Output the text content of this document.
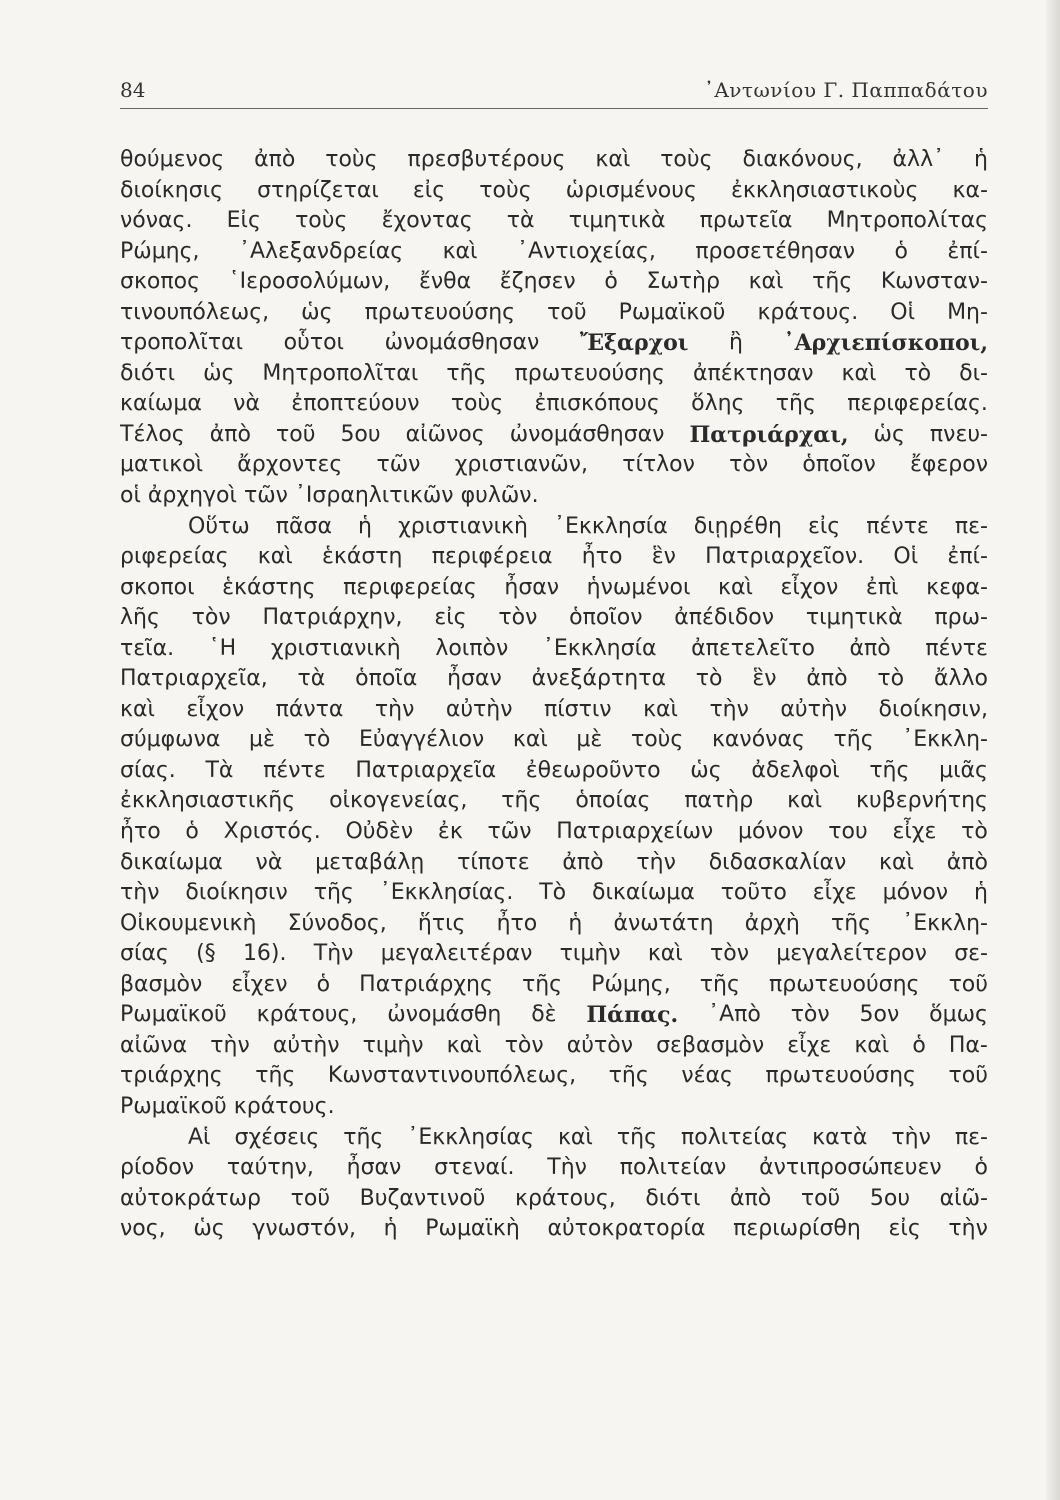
84	᾿Αντωνίου Γ. Παππαδάτου
θούμενος ἀπὸ τοὺς πρεσβυτέρους καὶ τοὺς διακόνους, ἀλλ᾿ ἡ
διοίκησις στηρίζεται εἰς τοὺς ὡρισμένους ἐκκλησιαστικοὺς κα-
νόνας. Εἰς τοὺς ἔχοντας τὰ τιμητικὰ πρωτεῖα Μητροπολίτας
Ρώμης, ᾿Αλεξανδρείας καὶ ᾿Αντιοχείας, προσετέθησαν ὁ ἐπί-
σκοπος ῾Ιεροσολύμων, ἔνθα ἔζησεν ὁ Σωτὴρ καὶ τῆς Κωνσταν-
τινουπόλεως, ὡς πρωτευούσης τοῦ Ρωμαϊκοῦ κράτους. Οἱ Μη-
τροπολῖται οὗτοι ὠνομάσθησαν Ἔξαρχοι ἢ ᾿Αρχιεπίσκοποι,
διότι ὡς Μητροπολῖται τῆς πρωτευούσης ἀπέκτησαν καὶ τὸ δι-
καίωμα νὰ ἐποπτεύουν τοὺς ἐπισκόπους ὅλης τῆς περιφερείας.
Τέλος ἀπὸ τοῦ 5ου αἰῶνος ὠνομάσθησαν Πατριάρχαι, ὡς πνευ-
ματικοὶ ἄρχοντες τῶν χριστιανῶν, τίτλον τὸν ὁποῖον ἔφερον
οἱ ἀρχηγοὶ τῶν ᾿Ισραηλιτικῶν φυλῶν.
Οὕτω πᾶσα ἡ χριστιανικὴ ᾿Εκκλησία διῃρέθη εἰς πέντε πε-
ριφερείας καὶ ἑκάστη περιφέρεια ἦτο ἓν Πατριαρχεῖον. Οἱ ἐπί-
σκοποι ἑκάστης περιφερείας ἦσαν ἡνωμένοι καὶ εἶχον ἐπὶ κεφα-
λῆς τὸν Πατριάρχην, εἰς τὸν ὁποῖον ἀπέδιδον τιμητικὰ πρω-
τεῖα. ῾Η χριστιανικὴ λοιπὸν ᾿Εκκλησία ἀπετελεῖτο ἀπὸ πέντε
Πατριαρχεῖα, τὰ ὁποῖα ἦσαν ἀνεξάρτητα τὸ ἓν ἀπὸ τὸ ἄλλο
καὶ εἶχον πάντα τὴν αὐτὴν πίστιν καὶ τὴν αὐτὴν διοίκησιν,
σύμφωνα μὲ τὸ Εὐαγγέλιον καὶ μὲ τοὺς κανόνας τῆς ᾿Εκκλη-
σίας. Τὰ πέντε Πατριαρχεῖα ἐθεωροῦντο ὡς ἀδελφοὶ τῆς μιᾶς
ἐκκλησιαστικῆς οἰκογενείας, τῆς ὁποίας πατὴρ καὶ κυβερνήτης
ἦτο ὁ Χριστός. Οὐδὲν ἐκ τῶν Πατριαρχείων μόνον του εἶχε τὸ
δικαίωμα νὰ μεταβάλῃ τίποτε ἀπὸ τὴν διδασκαλίαν καὶ ἀπὸ
τὴν διοίκησιν τῆς ᾿Εκκλησίας. Τὸ δικαίωμα τοῦτο εἶχε μόνον ἡ
Οἰκουμενικὴ Σύνοδος, ἥτις ἦτο ἡ ἀνωτάτη ἀρχὴ τῆς ᾿Εκκλη-
σίας (§ 16). Τὴν μεγαλειτέραν τιμὴν καὶ τὸν μεγαλείτερον σε-
βασμὸν εἶχεν ὁ Πατριάρχης τῆς Ρώμης, τῆς πρωτευούσης τοῦ
Ρωμαϊκοῦ κράτους, ὠνομάσθη δὲ Πάπας. ᾿Απὸ τὸν 5ον ὅμως
αἰῶνα τὴν αὐτὴν τιμὴν καὶ τὸν αὐτὸν σεβασμὸν εἶχε καὶ ὁ Πα-
τριάρχης τῆς Κωνσταντινουπόλεως, τῆς νέας πρωτευούσης τοῦ
Ρωμαϊκοῦ κράτους.
Αἱ σχέσεις τῆς ᾿Εκκλησίας καὶ τῆς πολιτείας κατὰ τὴν πε-
ρίοδον ταύτην, ἦσαν στεναί. Τὴν πολιτείαν ἀντιπροσώπευεν ὁ
αὐτοκράτωρ τοῦ Βυζαντινοῦ κράτους, διότι ἀπὸ τοῦ 5ου αἰῶ-
νος, ὡς γνωστόν, ἡ Ρωμαϊκὴ αὐτοκρατορία περιωρίσθη εἰς τὴν
